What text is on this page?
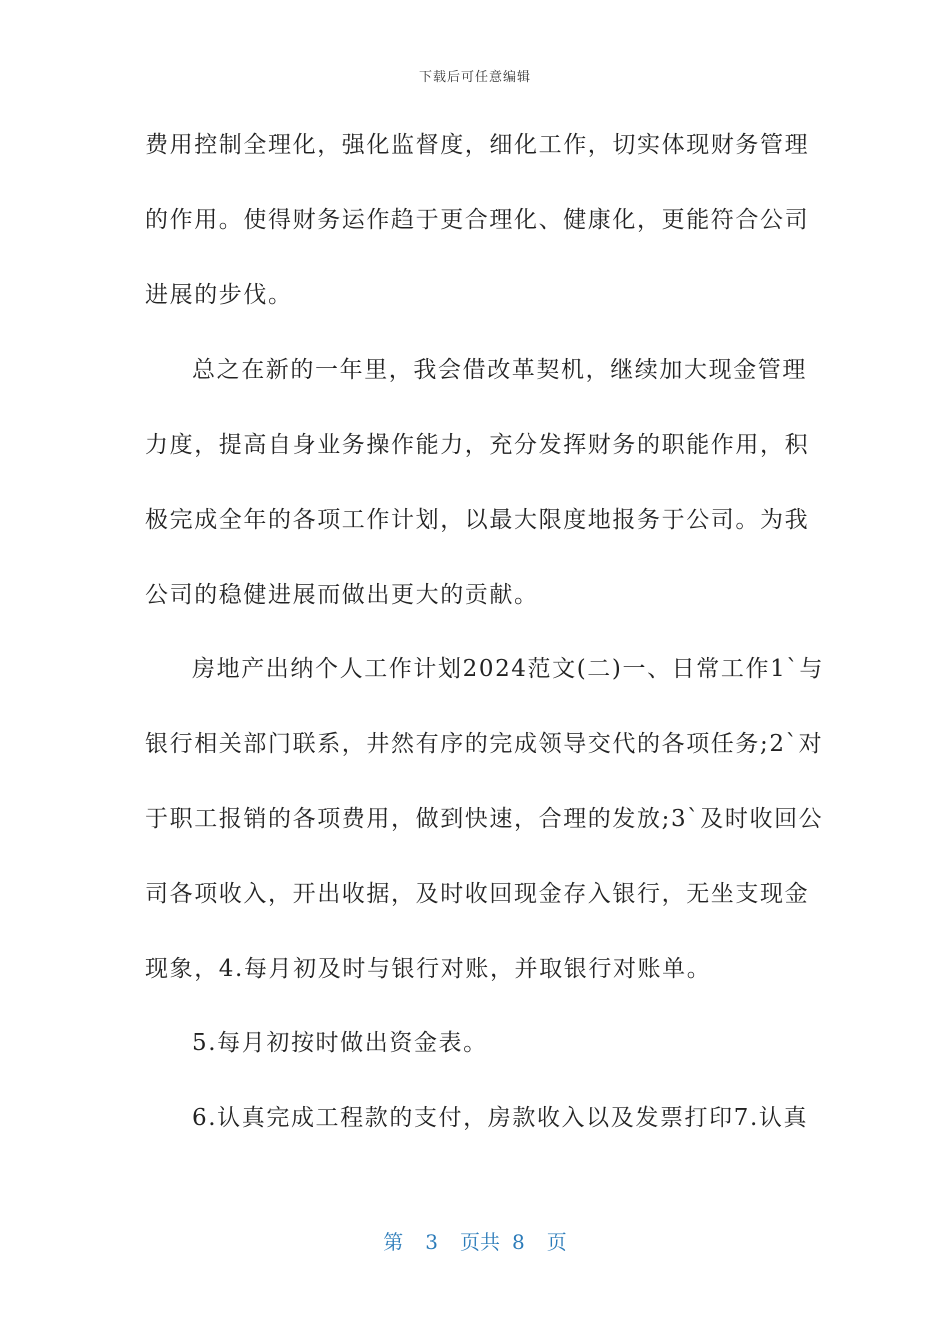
下载后可任意编辑
费用控制全理化，强化监督度，细化工作，切实体现财务管理
的作用。使得财务运作趋于更合理化、健康化，更能符合公司
进展的步伐。
总之在新的一年里，我会借改革契机，继续加大现金管理
力度，提高自身业务操作能力，充分发挥财务的职能作用，积
极完成全年的各项工作计划，以最大限度地报务于公司。为我
公司的稳健进展而做出更大的贡献。
房地产出纳个人工作计划2024范文(二)一、日常工作1`与
银行相关部门联系，井然有序的完成领导交代的各项任务;2`对
于职工报销的各项费用，做到快速，合理的发放;3`及时收回公
司各项收入，开出收据，及时收回现金存入银行，无坐支现金
现象，4.每月初及时与银行对账，并取银行对账单。
5.每月初按时做出资金表。
6.认真完成工程款的支付，房款收入以及发票打印7.认真
第 3 页共 8 页
